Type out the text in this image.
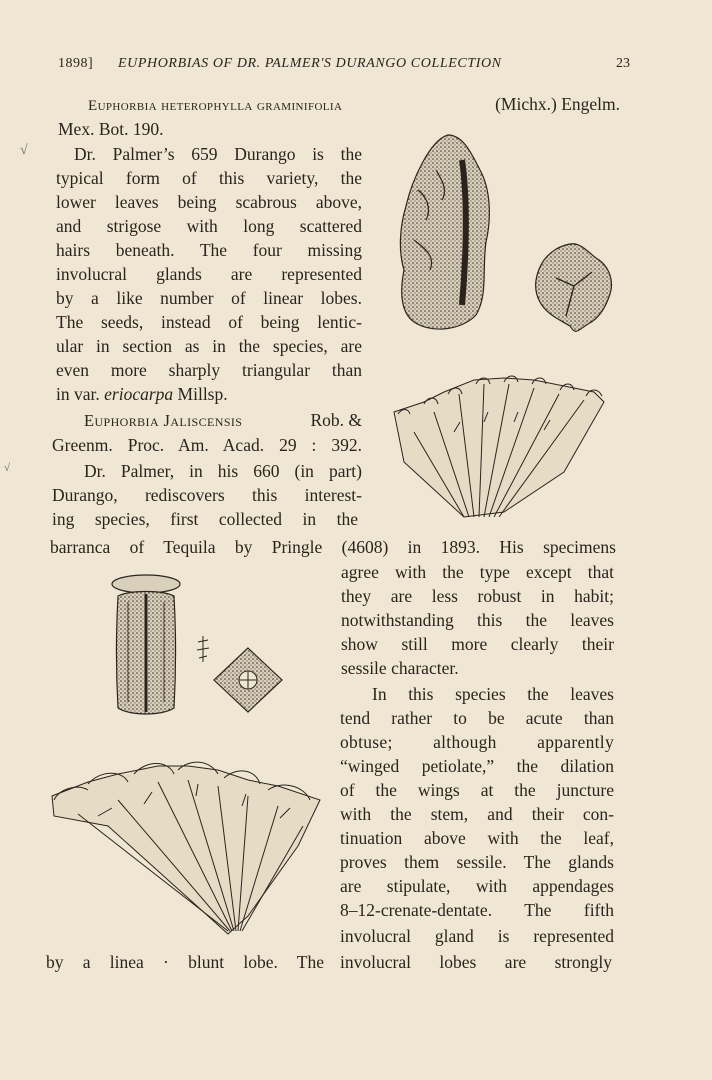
1898] EUPHORBIAS OF DR. PALMER'S DURANGO COLLECTION	23
√
√
Euphorbia heterophylla graminifolia	(Michx.) Engelm.
Mex. Bot. 190.
Dr. Palmer’s 659 Durango is the
typical form of this variety, the
lower leaves being scabrous above,
and strigose with long scattered
hairs beneath. The four missing
involucral glands are represented
by a like number of linear lobes.
The seeds, instead of being lentic-
ular in section as in the species, are
even more sharply triangular than
in var. eriocarpa Millsp.
Euphorbia Jaliscensis	Rob. &
Greenm. Proc. Am. Acad. 29 : 392.
Dr. Palmer, in his 660 (in part)
Durango, rediscovers this interest-
ing species, first collected in the
barranca of Tequila by Pringle (4608) in 1893. His specimens
agree with the type except that
they are less robust in habit;
notwithstanding this the leaves
show still more clearly their
sessile character.
In this species the leaves
tend rather to be acute than
obtuse; although apparently
“winged petiolate,” the dilation
of the wings at the juncture
with the stem, and their con-
tinuation above with the leaf,
proves them sessile. The glands
are stipulate, with appendages
8–12-crenate-dentate. The fifth
involucral gland is represented
by a linea · blunt lobe. The involucral lobes are strongly
